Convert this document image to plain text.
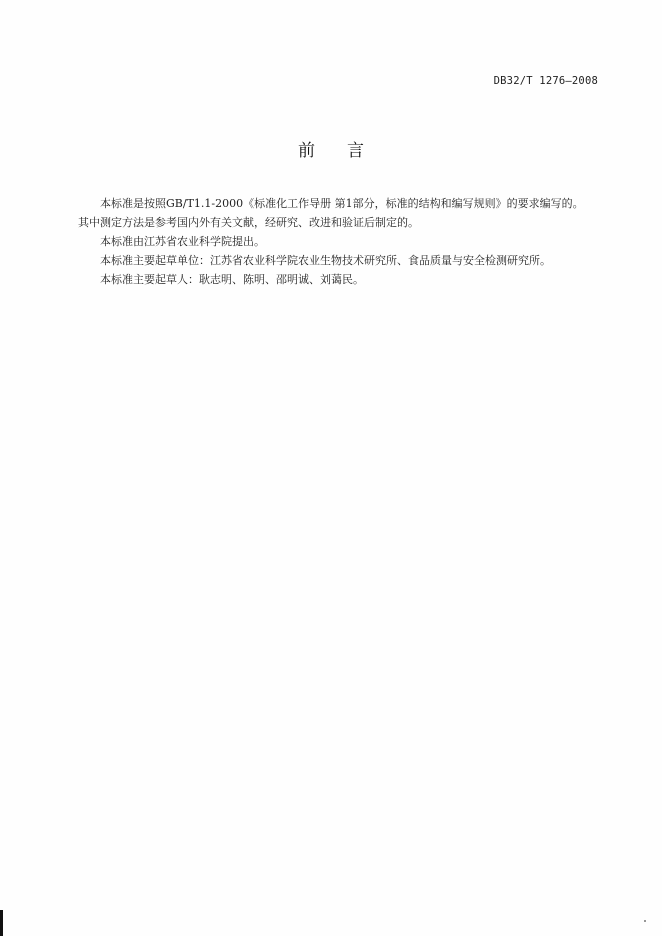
DB32/T 1276—2008
前言

本标准是按照GB/T1.1-2000《标准化工作导册 第1部分，标准的结构和编写规则》的要求编写的。

其中测定方法是参考国内外有关文献，经研究、改进和验证后制定的。

本标准由江苏省农业科学院提出。

本标准主要起草单位：江苏省农业科学院农业生物技术研究所、食品质量与安全检测研究所。

本标准主要起草人：耿志明、陈明、邵明诚、刘蔼民。
